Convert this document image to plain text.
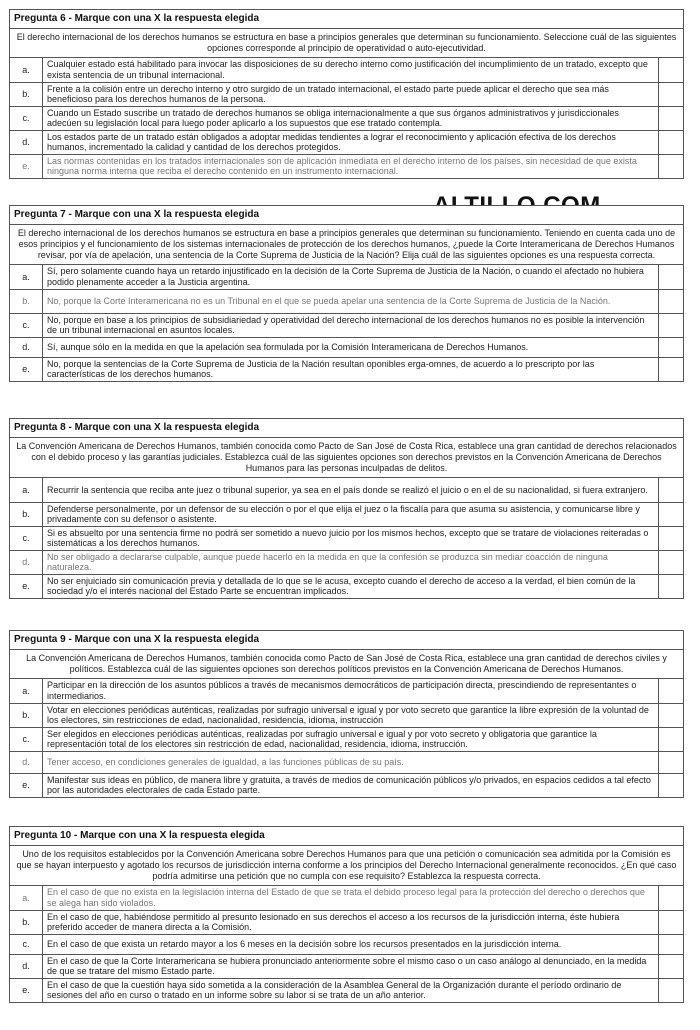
Pregunta 6 - Marque con una X la respuesta elegida
El derecho internacional de los derechos humanos se estructura en base a principios generales que determinan su funcionamiento. Seleccione cuál de las siguientes opciones corresponde al principio de operatividad o auto-ejecutividad.
a.	Cualquier estado está habilitado para invocar las disposiciones de su derecho interno como justificación del incumplimiento de un tratado, excepto que exista sentencia de un tribunal internacional.	
b.	Frente a la colisión entre un derecho interno y otro surgido de un tratado internacional, el estado parte puede aplicar el derecho que sea más beneficioso para los derechos humanos de la persona.	
c.	Cuando un Estado suscribe un tratado de derechos humanos se obliga internacionalmente a que sus órganos administrativos y jurisdiccionales adecúen su legislación local para luego poder aplicarlo a los supuestos que ese tratado contempla.	
d.	Los estados parte de un tratado están obligados a adoptar medidas tendientes a lograr el reconocimiento y aplicación efectiva de los derechos humanos, incrementado la calidad y cantidad de los derechos protegidos.	
e.	Las normas contenidas en los tratados internacionales son de aplicación inmediata en el derecho interno de los países, sin necesidad de que exista ninguna norma interna que reciba el derecho contenido en un instrumento internacional.	
Pregunta 7 - Marque con una X la respuesta elegida
El derecho internacional de los derechos humanos se estructura en base a principios generales que determinan su funcionamiento. Teniendo en cuenta cada uno de esos principios y el funcionamiento de los sistemas internacionales de protección de los derechos humanos, ¿puede la Corte Interamericana de Derechos Humanos revisar, por vía de apelación, una sentencia de la Corte Suprema de Justicia de la Nación? Elija cuál de las siguientes opciones es una respuesta correcta.
a.	Sí, pero solamente cuando haya un retardo injustificado en la decisión de la Corte Suprema de Justicia de la Nación, o cuando el afectado no hubiera podido plenamente acceder a la Justicia argentina.	
b.	No, porque la Corte Interamericana no es un Tribunal en el que se pueda apelar una sentencia de la Corte Suprema de Justicia de la Nación.	
c.	No, porque en base a los principios de subsidiariedad y operatividad del derecho internacional de los derechos humanos no es posible la intervención de un tribunal internacional en asuntos locales.	
d.	Sí, aunque sólo en la medida en que la apelación sea formulada por la Comisión Interamericana de Derechos Humanos.	
e.	No, porque la sentencias de la Corte Suprema de Justicia de la Nación resultan oponibles erga-omnes, de acuerdo a lo prescripto por las características de los derechos humanos.	
Pregunta 8 - Marque con una X la respuesta elegida
La Convención Americana de Derechos Humanos, también conocida como Pacto de San José de Costa Rica, establece una gran cantidad de derechos relacionados con el debido proceso y las garantías judiciales. Establezca cuál de las siguientes opciones son derechos previstos en la Convención Americana de Derechos Humanos para las personas inculpadas de delitos.
a.	Recurrir la sentencia que reciba ante juez o tribunal superior, ya sea en el país donde se realizó el juicio o en el de su nacionalidad, si fuera extranjero.	
b.	Defenderse personalmente, por un defensor de su elección o por el que elija el juez o la fiscalía para que asuma su asistencia, y comunicarse libre y privadamente con su defensor o asistente.	
c.	Si es absuelto por una sentencia firme no podrá ser sometido a nuevo juicio por los mismos hechos, excepto que se tratare de violaciones reiteradas o sistemáticas a los derechos humanos.	
d.	No ser obligado a declararse culpable, aunque puede hacerlo en la medida en que la confesión se produzca sin mediar coacción de ninguna naturaleza.	
e.	No ser enjuiciado sin comunicación previa y detallada de lo que se le acusa, excepto cuando el derecho de acceso a la verdad, el bien común de la sociedad y/o el interés nacional del Estado Parte se encuentran implicados.	
Pregunta 9 - Marque con una X la respuesta elegida
La Convención Americana de Derechos Humanos, también conocida como Pacto de San José de Costa Rica, establece una gran cantidad de derechos civiles y políticos. Establezca cuál de las siguientes opciones son derechos políticos previstos en la Convención Americana de Derechos Humanos.
a.	Participar en la dirección de los asuntos públicos a través de mecanismos democráticos de participación directa, prescindiendo de representantes o intermediarios.	
b.	Votar en elecciones periódicas auténticas, realizadas por sufragio universal e igual y por voto secreto que garantice la libre expresión de la voluntad de los electores, sin restricciones de edad, nacionalidad, residencia, idioma, instrucción	
c.	Ser elegidos en elecciones periódicas auténticas, realizadas por sufragio universal e igual y por voto secreto y obligatoria que garantice la representación total de los electores sin restricción de edad, nacionalidad, residencia, idioma, instrucción.	
d.	Tener acceso, en condiciones generales de igualdad, a las funciones públicas de su país.	
e.	Manifestar sus ideas en público, de manera libre y gratuita, a través de medios de comunicación públicos y/o privados, en espacios cedidos a tal efecto por las autoridades electorales de cada Estado parte.	
Pregunta 10 - Marque con una X la respuesta elegida
Uno de los requisitos establecidos por la Convención Americana sobre Derechos Humanos para que una petición o comunicación sea admitida por la Comisión es que se hayan interpuesto y agotado los recursos de jurisdicción interna conforme a los principios del Derecho Internacional generalmente reconocidos. ¿En qué caso podría admitirse una petición que no cumpla con ese requisito? Establezca la respuesta correcta.
a.	En el caso de que no exista en la legislación interna del Estado de que se trata el debido proceso legal para la protección del derecho o derechos que se alega han sido violados.	
b.	En el caso de que, habiéndose permitido al presunto lesionado en sus derechos el acceso a los recursos de la jurisdicción interna, éste hubiera preferido acceder de manera directa a la Comisión.	
c.	En el caso de que exista un retardo mayor a los 6 meses en la decisión sobre los recursos presentados en la jurisdicción interna.	
d.	En el caso de que la Corte Interamericana se hubiera pronunciado anteriormente sobre el mismo caso o un caso análogo al denunciado, en la medida de que se tratare del mismo Estado parte.	
e.	En el caso de que la cuestión haya sido sometida a la consideración de la Asamblea General de la Organización durante el período ordinario de sesiones del año en curso o tratado en un informe sobre su labor si se trata de un año anterior.	
